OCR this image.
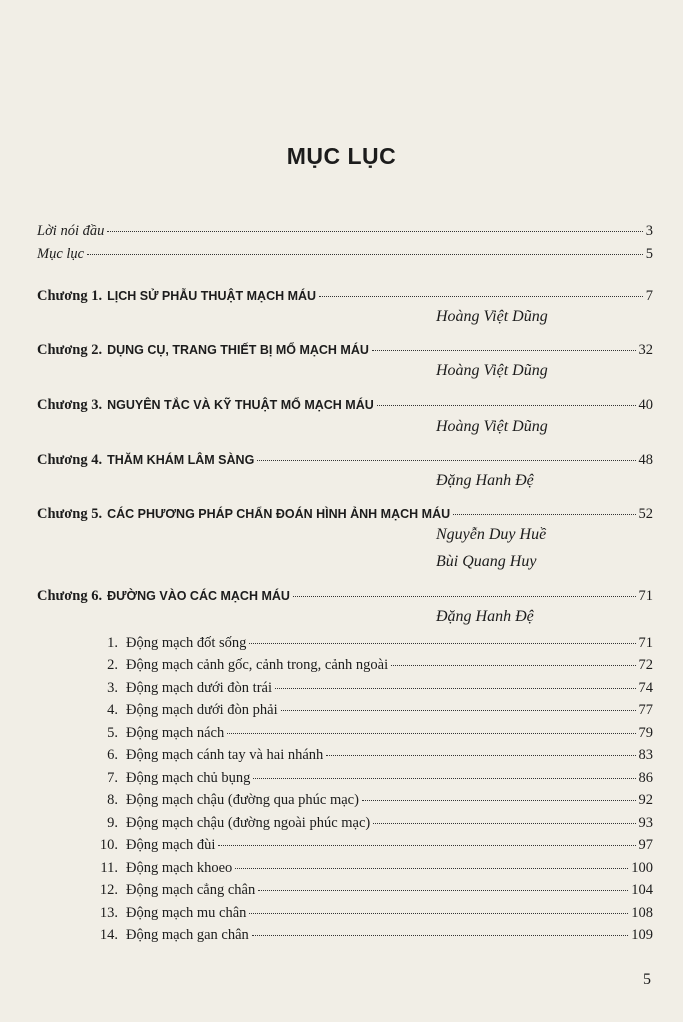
MỤC LỤC
Lời nói đầu	3
Mục lục	5
Chương 1. LỊCH SỬ PHẪU THUẬT MẠCH MÁU	7
Hoàng Việt Dũng
Chương 2. DỤNG CỤ, TRANG THIẾT BỊ MỔ MẠCH MÁU	32
Hoàng Việt Dũng
Chương 3. NGUYÊN TẮC VÀ KỸ THUẬT MỔ MẠCH MÁU	40
Hoàng Việt Dũng
Chương 4. THĂM KHÁM LÂM SÀNG	48
Đặng Hanh Đệ
Chương 5. CÁC PHƯƠNG PHÁP CHẨN ĐOÁN HÌNH ẢNH MẠCH MÁU	52
Nguyễn Duy Huề
Bùi Quang Huy
Chương 6. ĐƯỜNG VÀO CÁC MẠCH MÁU	71
Đặng Hanh Đệ
1. Động mạch đốt sống	71
2. Động mạch cảnh gốc, cảnh trong, cảnh ngoài	72
3. Động mạch dưới đòn trái	74
4. Động mạch dưới đòn phải	77
5. Động mạch nách	79
6. Động mạch cánh tay và hai nhánh	83
7. Động mạch chủ bụng	86
8. Động mạch chậu (đường qua phúc mạc)	92
9. Động mạch chậu (đường ngoài phúc mạc)	93
10. Động mạch đùi	97
11. Động mạch khoeo	100
12. Động mạch cẳng chân	104
13. Động mạch mu chân	108
14. Động mạch gan chân	109
5
